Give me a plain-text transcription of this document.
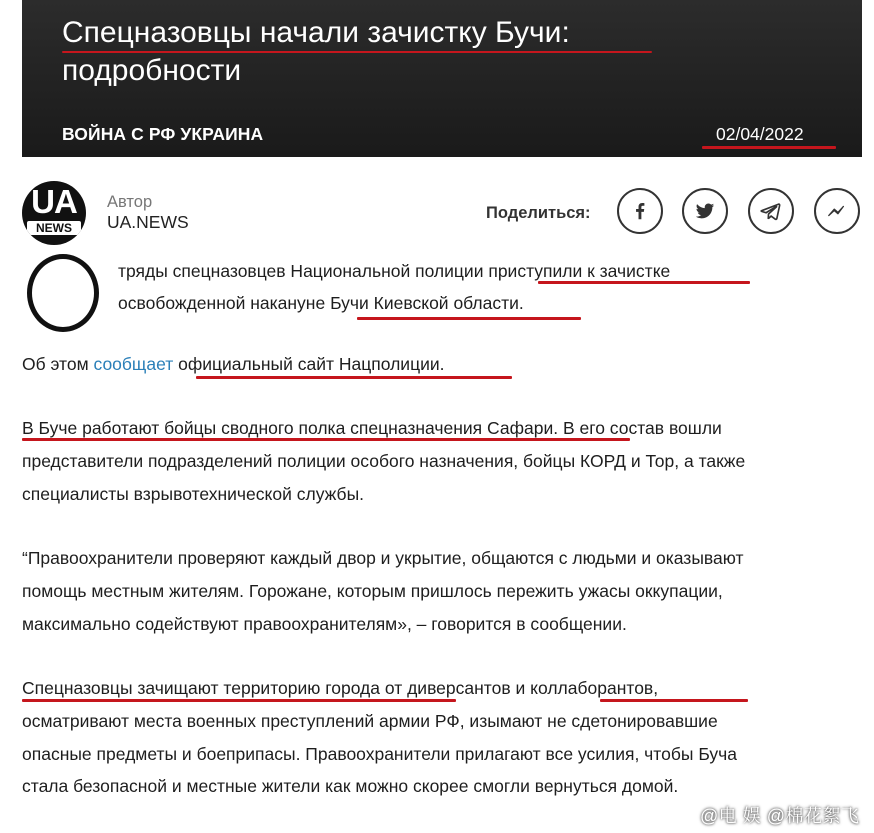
Спецназовцы начали зачистку Бучи:
подробности
ВОЙНА С РФ УКРАИНА	02/04/2022
UA
NEWS
Автор
UA.NEWS	Поделиться:
тряды спецназовцев Национальной полиции приступили к зачистке
освобожденной накануне Бучи Киевской области.
Об этом сообщает официальный сайт Нацполиции.
В Буче работают бойцы сводного полка спецназначения Сафари. В его состав вошли
представители подразделений полиции особого назначения, бойцы КОРД и Тор, а также
специалисты взрывотехнической службы.
“Правоохранители проверяют каждый двор и укрытие, общаются с людьми и оказывают
помощь местным жителям. Горожане, которым пришлось пережить ужасы оккупации,
максимально содействуют правоохранителям», – говорится в сообщении.
Спецназовцы зачищают территорию города от диверсантов и коллаборантов,
осматривают места военных преступлений армии РФ, изымают не сдетонировавшие
опасные предметы и боеприпасы. Правоохранители прилагают все усилия, чтобы Буча
стала безопасной и местные жители как можно скорее смогли вернуться домой.
@电 娱 @棉花絮飞
